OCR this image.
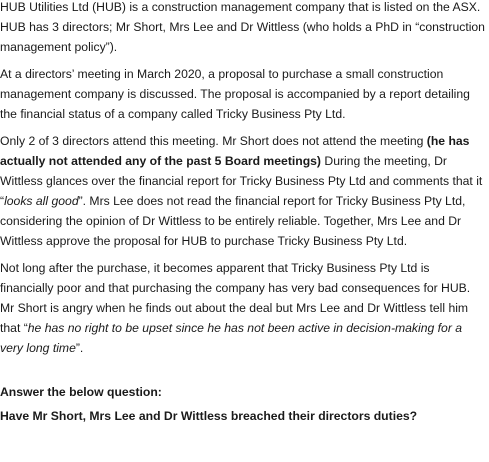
HUB Utilities Ltd (HUB) is a construction management company that is listed on the ASX. HUB has 3 directors; Mr Short, Mrs Lee and Dr Wittless (who holds a PhD in “construction management policy”).

At a directors’ meeting in March 2020, a proposal to purchase a small construction management company is discussed. The proposal is accompanied by a report detailing the financial status of a company called Tricky Business Pty Ltd.

Only 2 of 3 directors attend this meeting. Mr Short does not attend the meeting (he has actually not attended any of the past 5 Board meetings) During the meeting, Dr Wittless glances over the financial report for Tricky Business Pty Ltd and comments that it “looks all good”. Mrs Lee does not read the financial report for Tricky Business Pty Ltd, considering the opinion of Dr Wittless to be entirely reliable. Together, Mrs Lee and Dr Wittless approve the proposal for HUB to purchase Tricky Business Pty Ltd.

Not long after the purchase, it becomes apparent that Tricky Business Pty Ltd is financially poor and that purchasing the company has very bad consequences for HUB. Mr Short is angry when he finds out about the deal but Mrs Lee and Dr Wittless tell him that “he has no right to be upset since he has not been active in decision-making for a very long time”.

Answer the below question:

Have Mr Short, Mrs Lee and Dr Wittless breached their directors duties?
